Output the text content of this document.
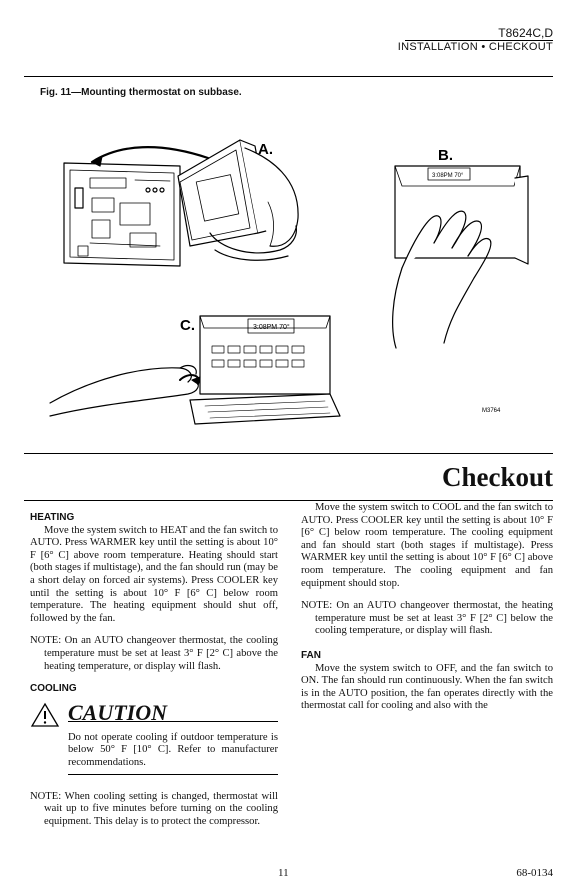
T8624C,D
INSTALLATION • CHECKOUT
Fig. 11—Mounting thermostat on subbase.
A.	B.
C.
3:08PM 70°
3:08PM 70°
M3764
Checkout
HEATING

Move the system switch to HEAT and the fan switch to AUTO. Press WARMER key until the setting is about 10° F [6° C] above room temperature. Heating should start (both stages if multistage), and the fan should run (may be a short delay on forced air systems). Press COOLER key until the setting is about 10° F [6° C] below room temperature. The heating equipment should shut off, followed by the fan.

NOTE: On an AUTO changeover thermostat, the cooling temperature must be set at least 3° F [2° C] above the heating temperature, or display will flash.

COOLING
CAUTION

Do not operate cooling if outdoor temperature is below 50° F [10° C]. Refer to manufacturer recommendations.

NOTE: When cooling setting is changed, thermostat will wait up to five minutes before turning on the cooling equipment. This delay is to protect the compressor.

Move the system switch to COOL and the fan switch to AUTO. Press COOLER key until the setting is about 10° F [6° C] below room temperature. The cooling equipment and fan should start (both stages if multistage). Press WARMER key until the setting is about 10° F [6° C] above room temperature. The cooling equipment and fan equipment should stop.

NOTE: On an AUTO changeover thermostat, the heating temperature must be set at least 3° F [2° C] below the cooling temperature, or display will flash.

FAN

Move the system switch to OFF, and the fan switch to ON. The fan should run continuously. When the fan switch is in the AUTO position, the fan operates directly with the thermostat call for cooling and also with the

11	68-0134
